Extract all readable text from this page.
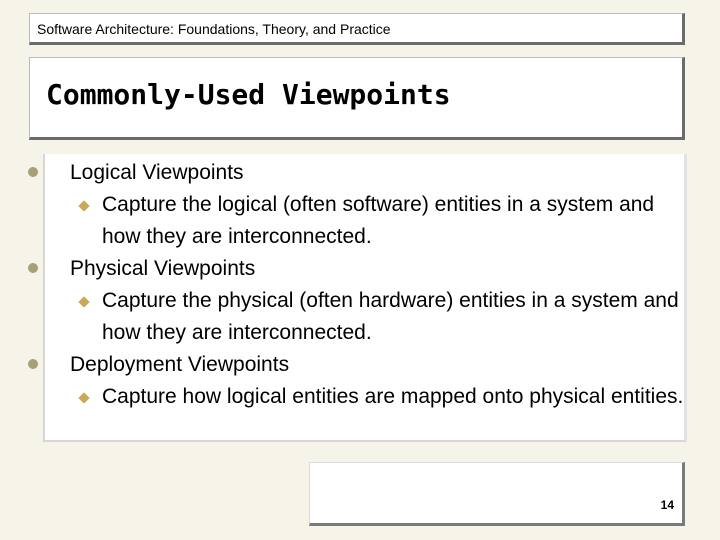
Software Architecture: Foundations, Theory, and Practice
Commonly-Used Viewpoints
Logical Viewpoints
Capture the logical (often software) entities in a system and how they are interconnected.
Physical Viewpoints
Capture the physical (often hardware) entities in a system and how they are interconnected.
Deployment Viewpoints
Capture how logical entities are mapped onto physical entities.
14
